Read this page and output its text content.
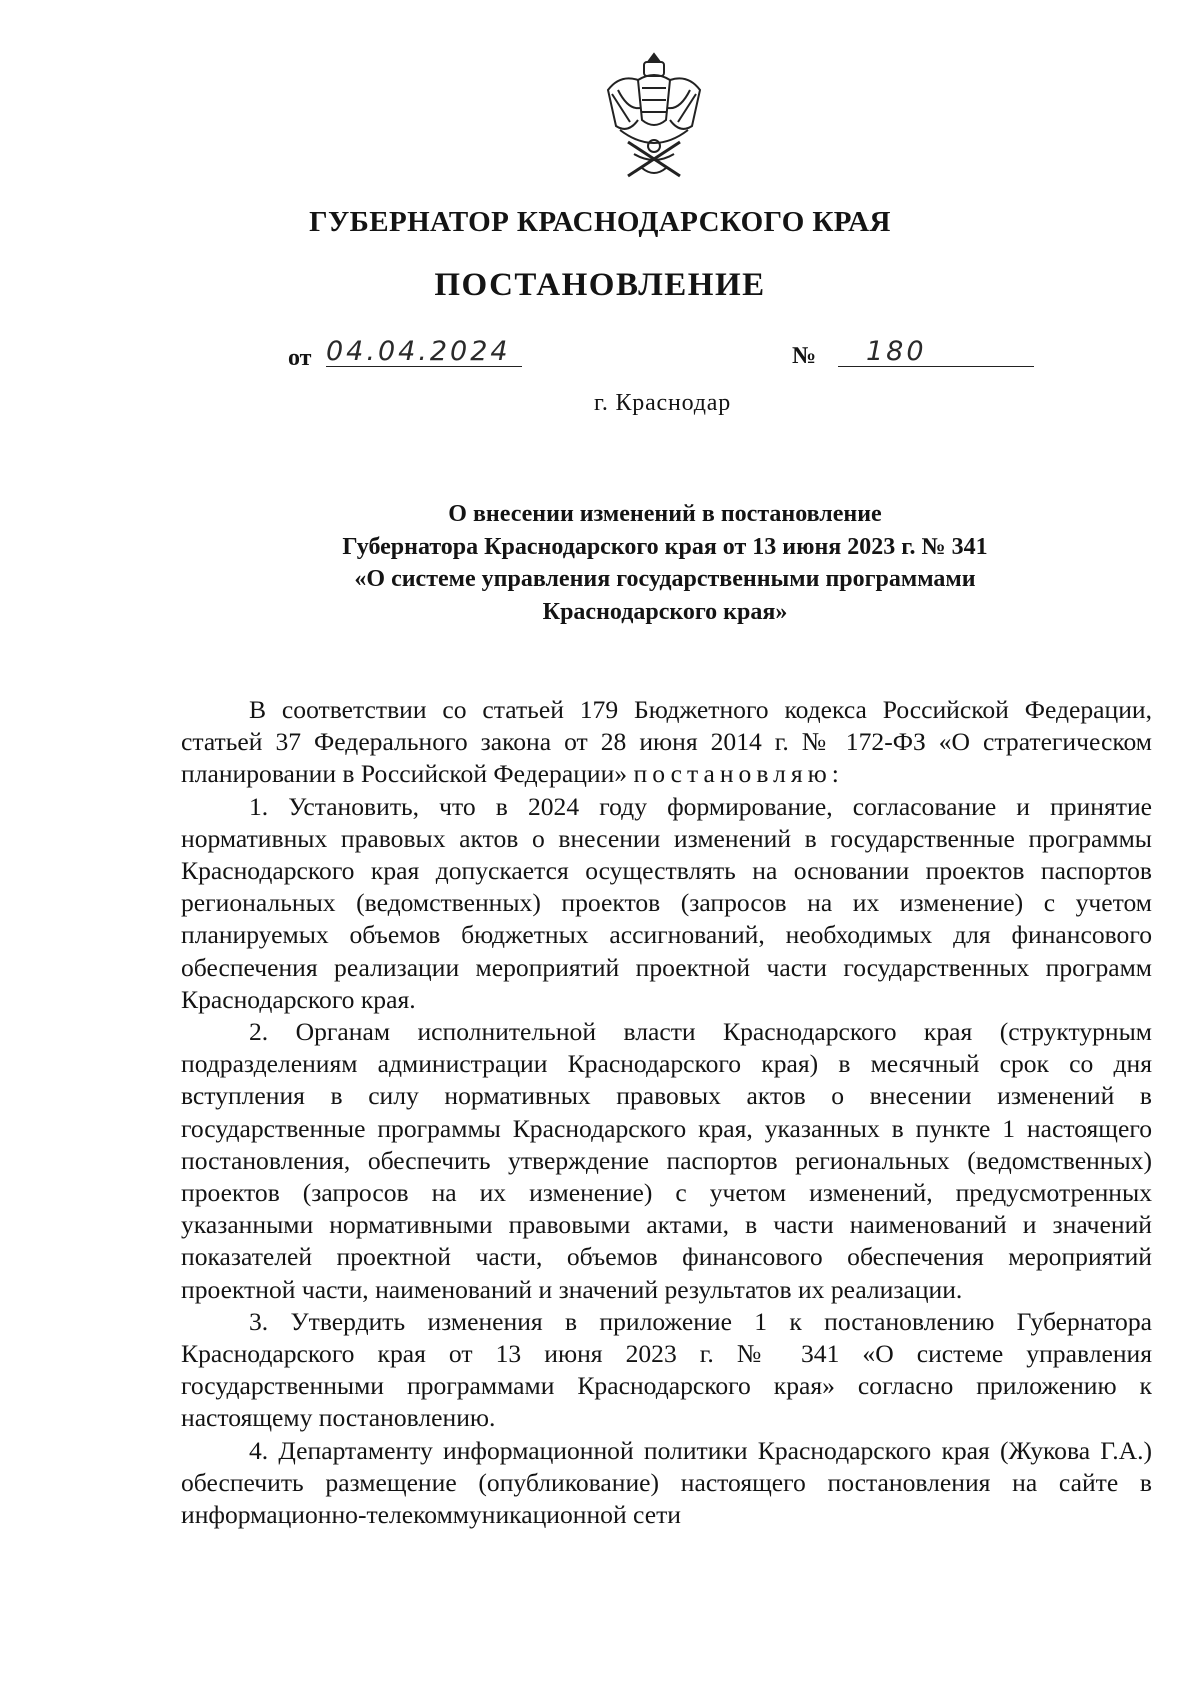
ГУБЕРНАТОР КРАСНОДАРСКОГО КРАЯ
ПОСТАНОВЛЕНИЕ
от 04.04.2024	№	180
г. Краснодар
О внесении изменений в постановление
Губернатора Краснодарского края от 13 июня 2023 г. № 341
«О системе управления государственными программами
Краснодарского края»

В соответствии со статьей 179 Бюджетного кодекса Российской Федерации, статьей 37 Федерального закона от 28 июня 2014 г. № 172-ФЗ «О стратегическом планировании в Российской Федерации» постановляю:

1. Установить, что в 2024 году формирование, согласование и принятие нормативных правовых актов о внесении изменений в государственные программы Краснодарского края допускается осуществлять на основании проектов паспортов региональных (ведомственных) проектов (запросов на их изменение) с учетом планируемых объемов бюджетных ассигнований, необходимых для финансового обеспечения реализации мероприятий проектной части государственных программ Краснодарского края.

2. Органам исполнительной власти Краснодарского края (структурным подразделениям администрации Краснодарского края) в месячный срок со дня вступления в силу нормативных правовых актов о внесении изменений в государственные программы Краснодарского края, указанных в пункте 1 настоящего постановления, обеспечить утверждение паспортов региональных (ведомственных) проектов (запросов на их изменение) с учетом изменений, предусмотренных указанными нормативными правовыми актами, в части наименований и значений показателей проектной части, объемов финансового обеспечения мероприятий проектной части, наименований и значений результатов их реализации.

3. Утвердить изменения в приложение 1 к постановлению Губернатора Краснодарского края от 13 июня 2023 г. № 341 «О системе управления государственными программами Краснодарского края» согласно приложению к настоящему постановлению.

4. Департаменту информационной политики Краснодарского края (Жукова Г.А.) обеспечить размещение (опубликование) настоящего постановления на сайте в информационно-телекоммуникационной сети
